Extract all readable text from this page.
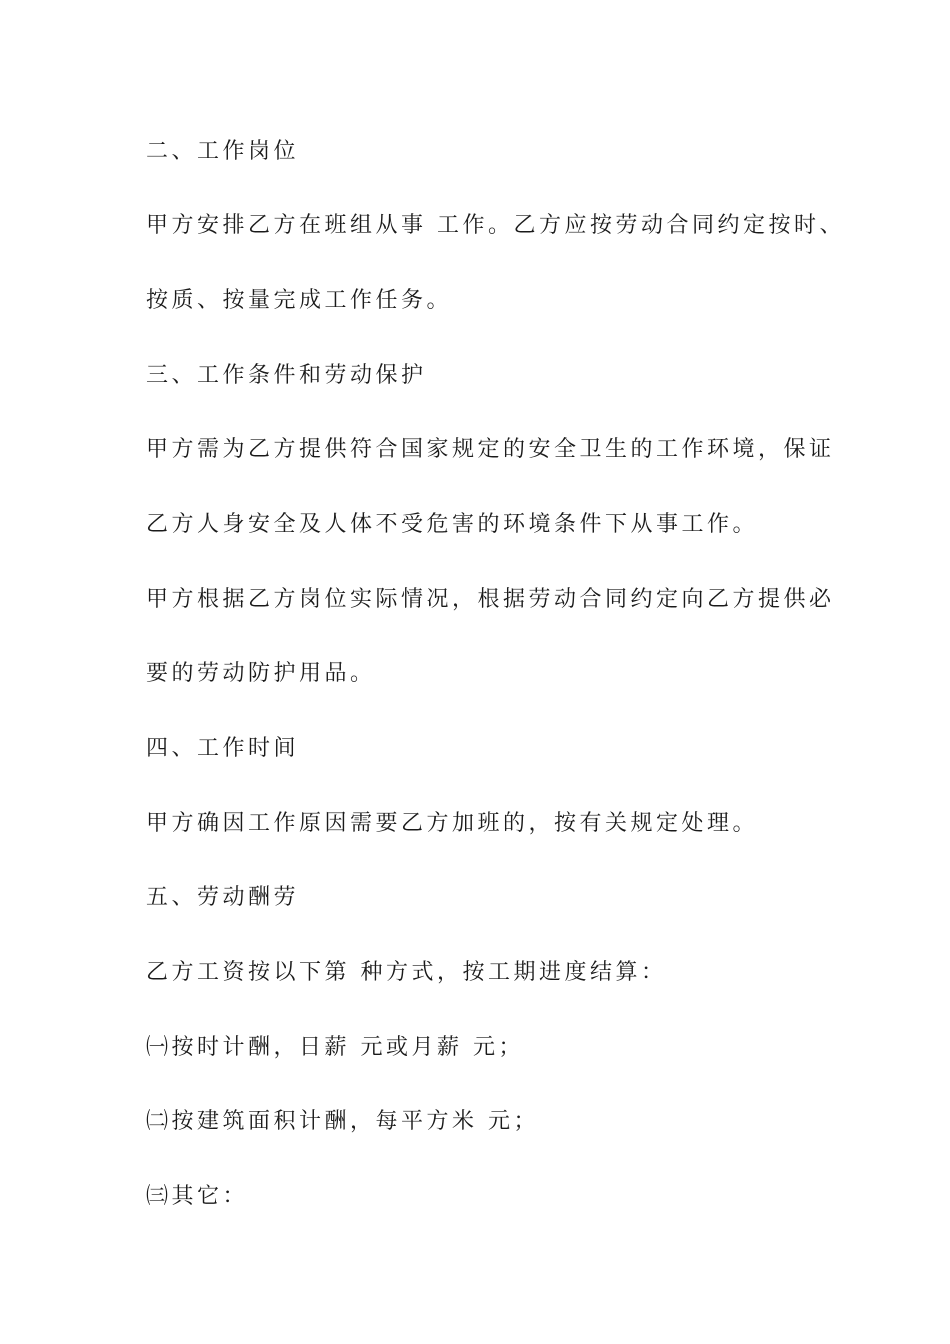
二、工作岗位

甲方安排乙方在班组从事 工作。乙方应按劳动合同约定按时、

按质、按量完成工作任务。

三、工作条件和劳动保护

甲方需为乙方提供符合国家规定的安全卫生的工作环境，保证

乙方人身安全及人体不受危害的环境条件下从事工作。

甲方根据乙方岗位实际情况，根据劳动合同约定向乙方提供必

要的劳动防护用品。

四、工作时间

甲方确因工作原因需要乙方加班的，按有关规定处理。

五、劳动酬劳

乙方工资按以下第 种方式，按工期进度结算：

㈠按时计酬，日薪 元或月薪 元；

㈡按建筑面积计酬，每平方米 元；

㈢其它：
